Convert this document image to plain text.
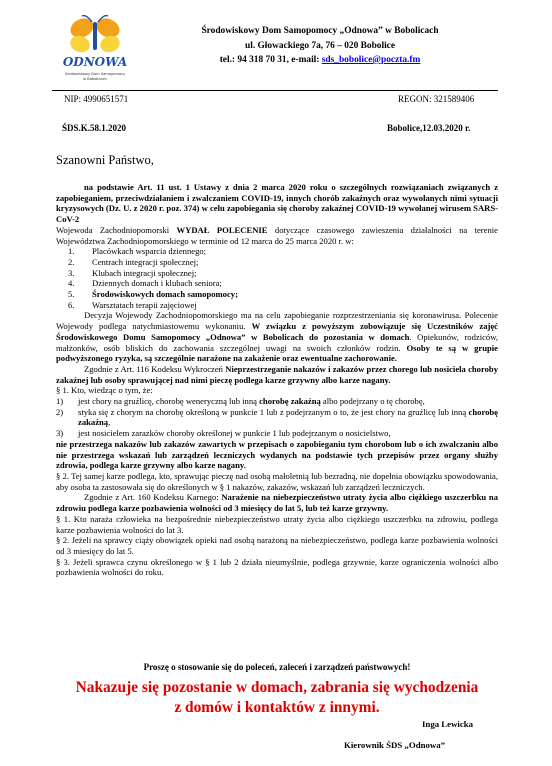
ODNOWA
Środowiskowy Dom Samopomocy
w Bobolicach
Środowiskowy Dom Samopomocy „Odnowa” w Bobolicach
ul. Głowackiego 7a, 76 – 020 Bobolice
tel.: 94 318 70 31, e-mail: sds_bobolice@poczta.fm
NIP: 4990651571	REGON: 321589406
ŚDS.K.58.1.2020	Bobolice,12.03.2020 r.
Szanowni Państwo,

na podstawie Art. 11 ust. 1 Ustawy z dnia 2 marca 2020 roku o szczególnych rozwiązaniach związanych z zapobieganiem, przeciwdziałaniem i zwalczaniem COVID-19, innych chorób zakaźnych oraz wywołanych nimi sytuacji kryzysowych (Dz. U. z 2020 r. poz. 374) w celu zapobiegania się choroby zakaźnej COVID-19 wywołanej wirusem SARS-CoV-2

Wojewoda Zachodniopomorski WYDAŁ POLECENIE dotyczące czasowego zawieszenia działalności na terenie Województwa Zachodniopomorskiego w terminie od 12 marca do 25 marca 2020 r. w:

1. Placówkach wsparcia dziennego;
2. Centrach integracji społecznej;
3. Klubach integracji społecznej;
4. Dziennych domach i klubach seniora;
5. Środowiskowych domach samopomocy;
6. Warsztatach terapii zajęciowej

Decyzja Wojewody Zachodniopomorskiego ma na celu zapobieganie rozprzestrzeniania się koronawirusa. Polecenie Wojewody podlega natychmiastowemu wykonaniu. W związku z powyższym zobowiązuje się Uczestników zajęć Środowiskowego Domu Samopomocy „Odnowa” w Bobolicach do pozostania w domach. Opiekunów, rodziców, małżonków, osób bliskich do zachowania szczególnej uwagi na swoich członków rodzin. Osoby te są w grupie podwyższonego ryzyka, są szczególnie narażone na zakażenie oraz ewentualne zachorowanie.

Zgodnie z Art. 116 Kodeksu Wykroczeń Nieprzestrzeganie nakazów i zakazów przez chorego lub nosiciela choroby zakaźnej lub osoby sprawującej nad nimi pieczę podlega karze grzywny albo karze nagany.

§ 1. Kto, wiedząc o tym, że:

1) jest chory na gruźlicę, chorobę weneryczną lub inną chorobę zakaźną albo podejrzany o tę chorobę,
2) styka się z chorym na chorobę określoną w punkcie 1 lub z podejrzanym o to, że jest chory na gruźlicę lub inną chorobę zakaźną,
3) jest nosicielem zarazków choroby określonej w punkcie 1 lub podejrzanym o nosicielstwo,

nie przestrzega nakazów lub zakazów zawartych w przepisach o zapobieganiu tym chorobom lub o ich zwalczaniu albo nie przestrzega wskazań lub zarządzeń leczniczych wydanych na podstawie tych przepisów przez organy służby zdrowia, podlega karze grzywny albo karze nagany.

§ 2. Tej samej karze podlega, kto, sprawując pieczę nad osobą małoletnią lub bezradną, nie dopełnia obowiązku spowodowania, aby osoba ta zastosowała się do określonych w § 1 nakazów, zakazów, wskazań lub zarządzeń leczniczych.

Zgodnie z Art. 160 Kodeksu Karnego: Narażenie na niebezpieczeństwo utraty życia albo ciężkiego uszczerbku na zdrowiu podlega karze pozbawienia wolności od 3 miesięcy do lat 5, lub też karze grzywny.

§ 1. Kto naraża człowieka na bezpośrednie niebezpieczeństwo utraty życia albo ciężkiego uszczerbku na zdrowiu, podlega karze pozbawienia wolności do lat 3.

§ 2. Jeżeli na sprawcy ciąży obowiązek opieki nad osobą narażoną na niebezpieczeństwo, podlega karze pozbawienia wolności od 3 miesięcy do lat 5.

§ 3. Jeżeli sprawca czynu określonego w § 1 lub 2 działa nieumyślnie, podlega grzywnie, karze ograniczenia wolności albo pozbawienia wolności do roku.

Proszę o stosowanie się do poleceń, zaleceń i zarządzeń państwowych!
Nakazuje się pozostanie w domach, zabrania się wychodzenia
z domów i kontaktów z innymi.
Inga Lewicka
Kierownik ŚDS „Odnowa”
